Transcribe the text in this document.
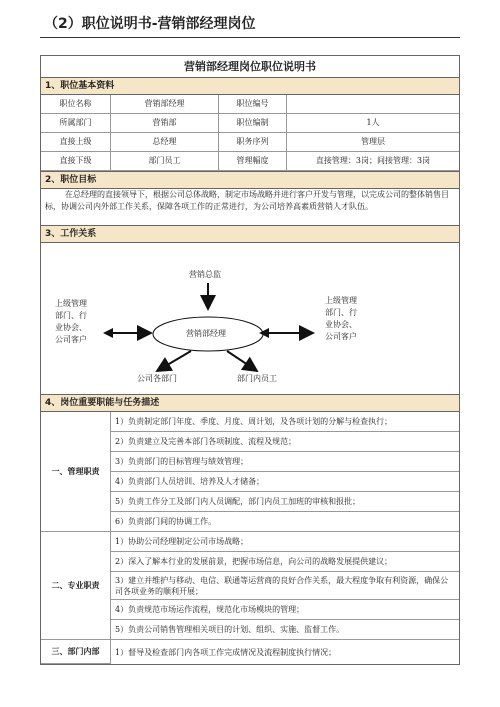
（2）职位说明书-营销部经理岗位
营销部经理岗位职位说明书
1、职位基本资料
职位名称	营销部经理	职位编号
所属部门	营销部	职位编制	1人
直接上级	总经理	职务序列	管理层
直接下级	部门员工	管理幅度	直接管理：3岗；间接管理：3岗
2、职位目标
在总经理的直接领导下，根据公司总体战略，制定市场战略并进行客户开发与管理，以完成公司的整体销售目标，协调公司内外部工作关系，保障各项工作的正常进行，为公司培养高素质营销人才队伍。
3、工作关系
营销总监
营销部经理
上级管理
部门、行
业协会、
公司客户
上级管理
部门、行
业协会、
公司客户
公司各部门	部门内员工
4、岗位重要职能与任务描述
一、管理职责
1）负责制定部门年度、季度、月度、周计划，及各项计划的分解与检查执行；
2）负责建立及完善本部门各项制度、流程及规范；
3）负责部门的目标管理与绩效管理；
4）负责部门人员培训、培养及人才储备；
5）负责工作分工及部门内人员调配，部门内员工加班的审核和报批；
6）负责部门间的协调工作。
二、专业职责
1）协助公司经理制定公司市场战略；
2）深入了解本行业的发展前景，把握市场信息，向公司的战略发展提供建议；
3）建立并维护与移动、电信、联通等运营商的良好合作关系，最大程度争取有利资源，确保公司各项业务的顺利开展；
4）负责规范市场运作流程，规范化市场模块的管理；
5）负责公司销售管理相关项目的计划、组织、实施、监督工作。
三、部门内部	1）督导及检查部门内各项工作完成情况及流程制度执行情况；
